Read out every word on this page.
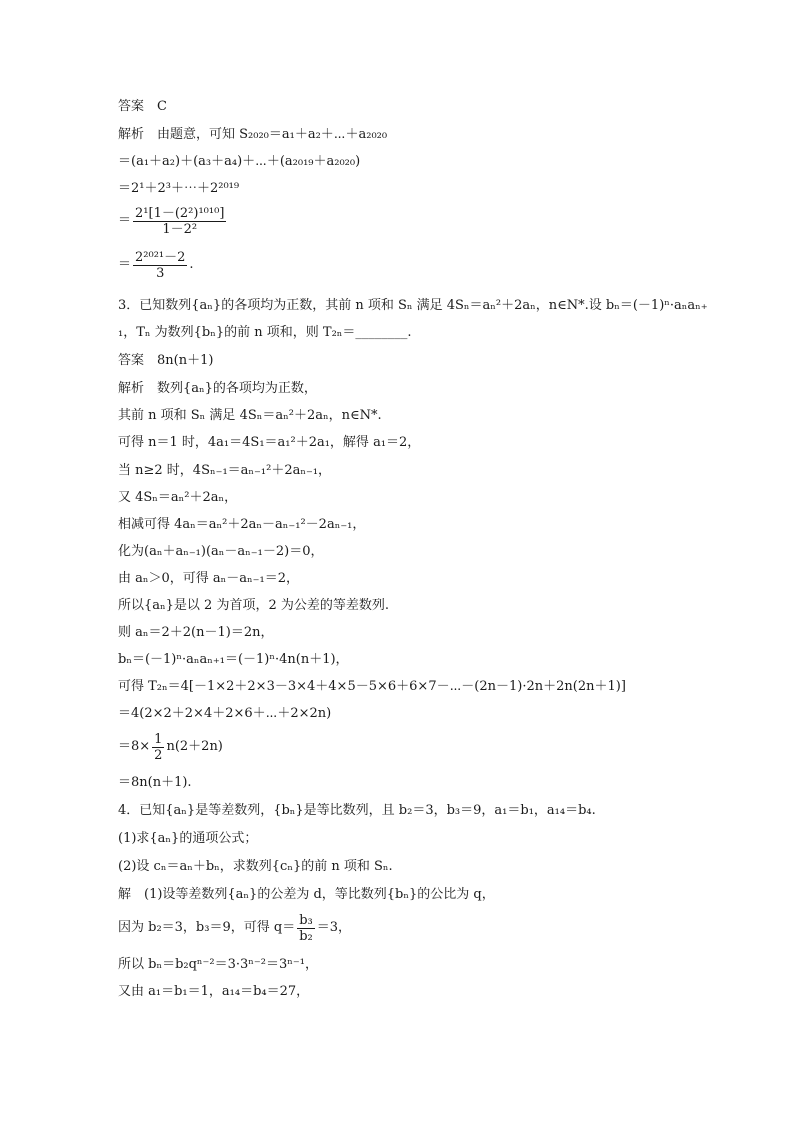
答案　C
解析　由题意，可知 S₂₀₂₀＝a₁＋a₂＋⋯＋a₂₀₂₀
＝(a₁＋a₂)＋(a₃＋a₄)＋⋯＋(a₂₀₁₉＋a₂₀₂₀)
＝2¹＋2³＋⋯＋2²⁰¹⁹
＝ $\frac{\text{2¹[1－(2²)¹⁰¹⁰]}}{\text{1－2²}}$
＝ $\frac{\text{2²⁰²¹－2}}{3}$ .
3．已知数列{aₙ}的各项均为正数，其前 n 项和 Sₙ 满足 4Sₙ＝aₙ²＋2aₙ，n∈N*.设 bₙ＝(－1)ⁿ·aₙaₙ₊
₁，Tₙ 为数列{bₙ}的前 n 项和，则 T₂ₙ＝________.
答案　8n(n＋1)
解析　数列{aₙ}的各项均为正数，
其前 n 项和 Sₙ 满足 4Sₙ＝aₙ²＋2aₙ，n∈N*.
可得 n＝1 时，4a₁＝4S₁＝a₁²＋2a₁，解得 a₁＝2，
当 n≥2 时，4Sₙ₋₁＝aₙ₋₁²＋2aₙ₋₁，
又 4Sₙ＝aₙ²＋2aₙ，
相减可得 4aₙ＝aₙ²＋2aₙ－aₙ₋₁²－2aₙ₋₁，
化为(aₙ＋aₙ₋₁)(aₙ－aₙ₋₁－2)＝0，
由 aₙ＞0，可得 aₙ－aₙ₋₁＝2，
所以{aₙ}是以 2 为首项，2 为公差的等差数列.
则 aₙ＝2＋2(n－1)＝2n，
bₙ＝(－1)ⁿ·aₙaₙ₊₁＝(－1)ⁿ·4n(n＋1)，
可得 T₂ₙ＝4[－1×2＋2×3－3×4＋4×5－5×6＋6×7－⋯－(2n－1)·2n＋2n(2n＋1)]
＝4(2×2＋2×4＋2×6＋⋯＋2×2n)
$=8\times \frac{1}{2} n(2+2n)$
＝8n(n＋1).
4．已知{aₙ}是等差数列，{bₙ}是等比数列，且 b₂＝3，b₃＝9，a₁＝b₁，a₁₄＝b₄.
(1)求{aₙ}的通项公式；
(2)设 cₙ＝aₙ＋bₙ，求数列{cₙ}的前 n 项和 Sₙ.
解　(1)设等差数列{aₙ}的公差为 d，等比数列{bₙ}的公比为 q，
因为 b₂＝3，b₃＝9，可得 $q= \frac{\text{b₃}}{\text{b₂}} =3$，
所以 bₙ＝b₂qⁿ⁻²＝3·3ⁿ⁻²＝3ⁿ⁻¹，
又由 a₁＝b₁＝1，a₁₄＝b₄＝27，
